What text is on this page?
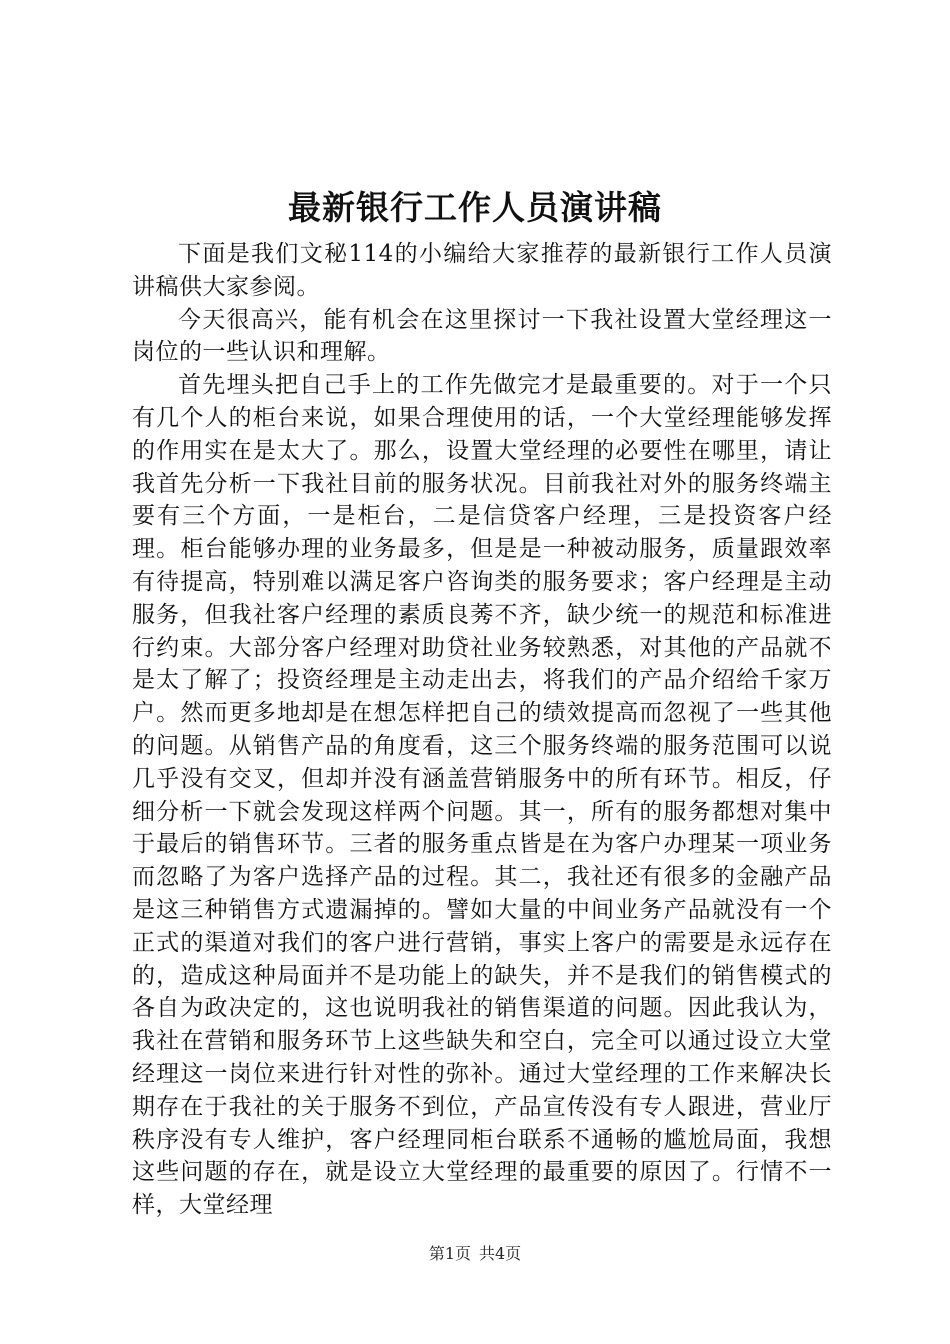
最新银行工作人员演讲稿

下面是我们文秘114的小编给大家推荐的最新银行工作人员演讲稿供大家参阅。

今天很高兴，能有机会在这里探讨一下我社设置大堂经理这一岗位的一些认识和理解。

首先埋头把自己手上的工作先做完才是最重要的。对于一个只有几个人的柜台来说，如果合理使用的话，一个大堂经理能够发挥的作用实在是太大了。那么，设置大堂经理的必要性在哪里，请让我首先分析一下我社目前的服务状况。目前我社对外的服务终端主要有三个方面，一是柜台，二是信贷客户经理，三是投资客户经理。柜台能够办理的业务最多，但是是一种被动服务，质量跟效率有待提高，特别难以满足客户咨询类的服务要求；客户经理是主动服务，但我社客户经理的素质良莠不齐，缺少统一的规范和标准进行约束。大部分客户经理对助贷社业务较熟悉，对其他的产品就不是太了解了；投资经理是主动走出去，将我们的产品介绍给千家万户。然而更多地却是在想怎样把自己的绩效提高而忽视了一些其他的问题。从销售产品的角度看，这三个服务终端的服务范围可以说几乎没有交叉，但却并没有涵盖营销服务中的所有环节。相反，仔细分析一下就会发现这样两个问题。其一，所有的服务都想对集中于最后的销售环节。三者的服务重点皆是在为客户办理某一项业务而忽略了为客户选择产品的过程。其二，我社还有很多的金融产品是这三种销售方式遗漏掉的。譬如大量的中间业务产品就没有一个正式的渠道对我们的客户进行营销，事实上客户的需要是永远存在的，造成这种局面并不是功能上的缺失，并不是我们的销售模式的各自为政决定的，这也说明我社的销售渠道的问题。因此我认为，我社在营销和服务环节上这些缺失和空白，完全可以通过设立大堂经理这一岗位来进行针对性的弥补。通过大堂经理的工作来解决长期存在于我社的关于服务不到位，产品宣传没有专人跟进，营业厅秩序没有专人维护，客户经理同柜台联系不通畅的尴尬局面，我想这些问题的存在，就是设立大堂经理的最重要的原因了。行情不一样，大堂经理

第1页 共4页
